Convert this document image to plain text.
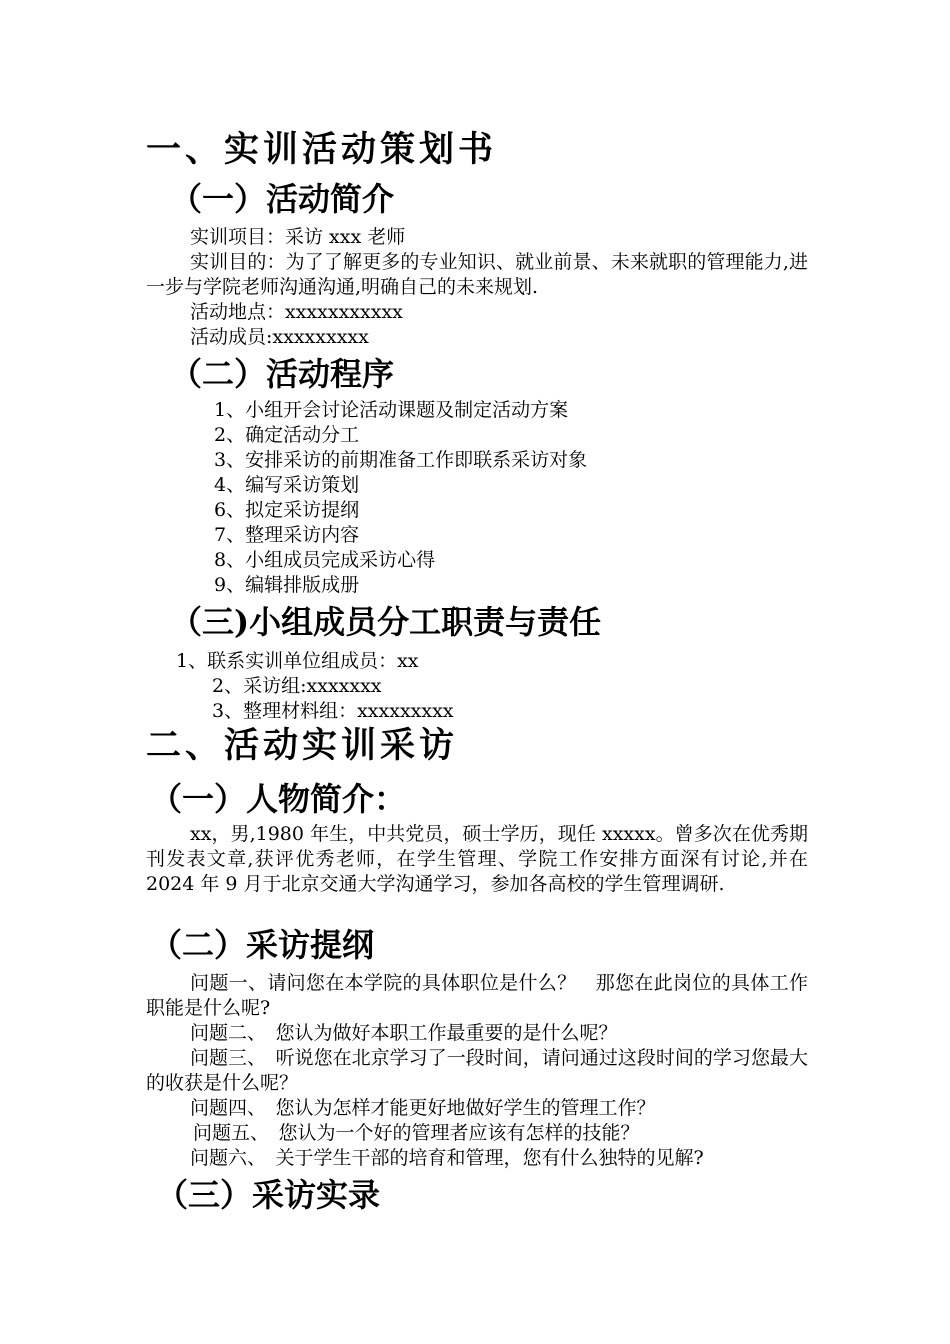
一、实训活动策划书
（一）活动简介

实训项目：采访 xxx 老师

实训目的：为了了解更多的专业知识、就业前景、未来就职的管理能力,进一步与学院老师沟通沟通,明确自己的未来规划.

活动地点：xxxxxxxxxxx

活动成员:xxxxxxxxx

（二）活动程序

1、小组开会讨论活动课题及制定活动方案

2、确定活动分工

3、安排采访的前期准备工作即联系采访对象

4、编写采访策划

6、拟定采访提纲

7、整理采访内容

8、小组成员完成采访心得

9、编辑排版成册

（三)小组成员分工职责与责任

1、联系实训单位组成员：xx

2、采访组:xxxxxxx

3、整理材料组：xxxxxxxxx

二、活动实训采访
（一）人物简介：

xx，男,1980 年生，中共党员，硕士学历，现任 xxxxx。曾多次在优秀期刊发表文章,获评优秀老师，在学生管理、学院工作安排方面深有讨论,并在 2024 年 9 月于北京交通大学沟通学习，参加各高校的学生管理调研.

（二）采访提纲

问题一、请问您在本学院的具体职位是什么？　那您在此岗位的具体工作职能是什么呢?

问题二、　您认为做好本职工作最重要的是什么呢？

问题三、　听说您在北京学习了一段时间，请问通过这段时间的学习您最大的收获是什么呢？

问题四、　您认为怎样才能更好地做好学生的管理工作？

问题五、　您认为一个好的管理者应该有怎样的技能？

问题六、　关于学生干部的培育和管理，您有什么独特的见解?

（三）采访实录
